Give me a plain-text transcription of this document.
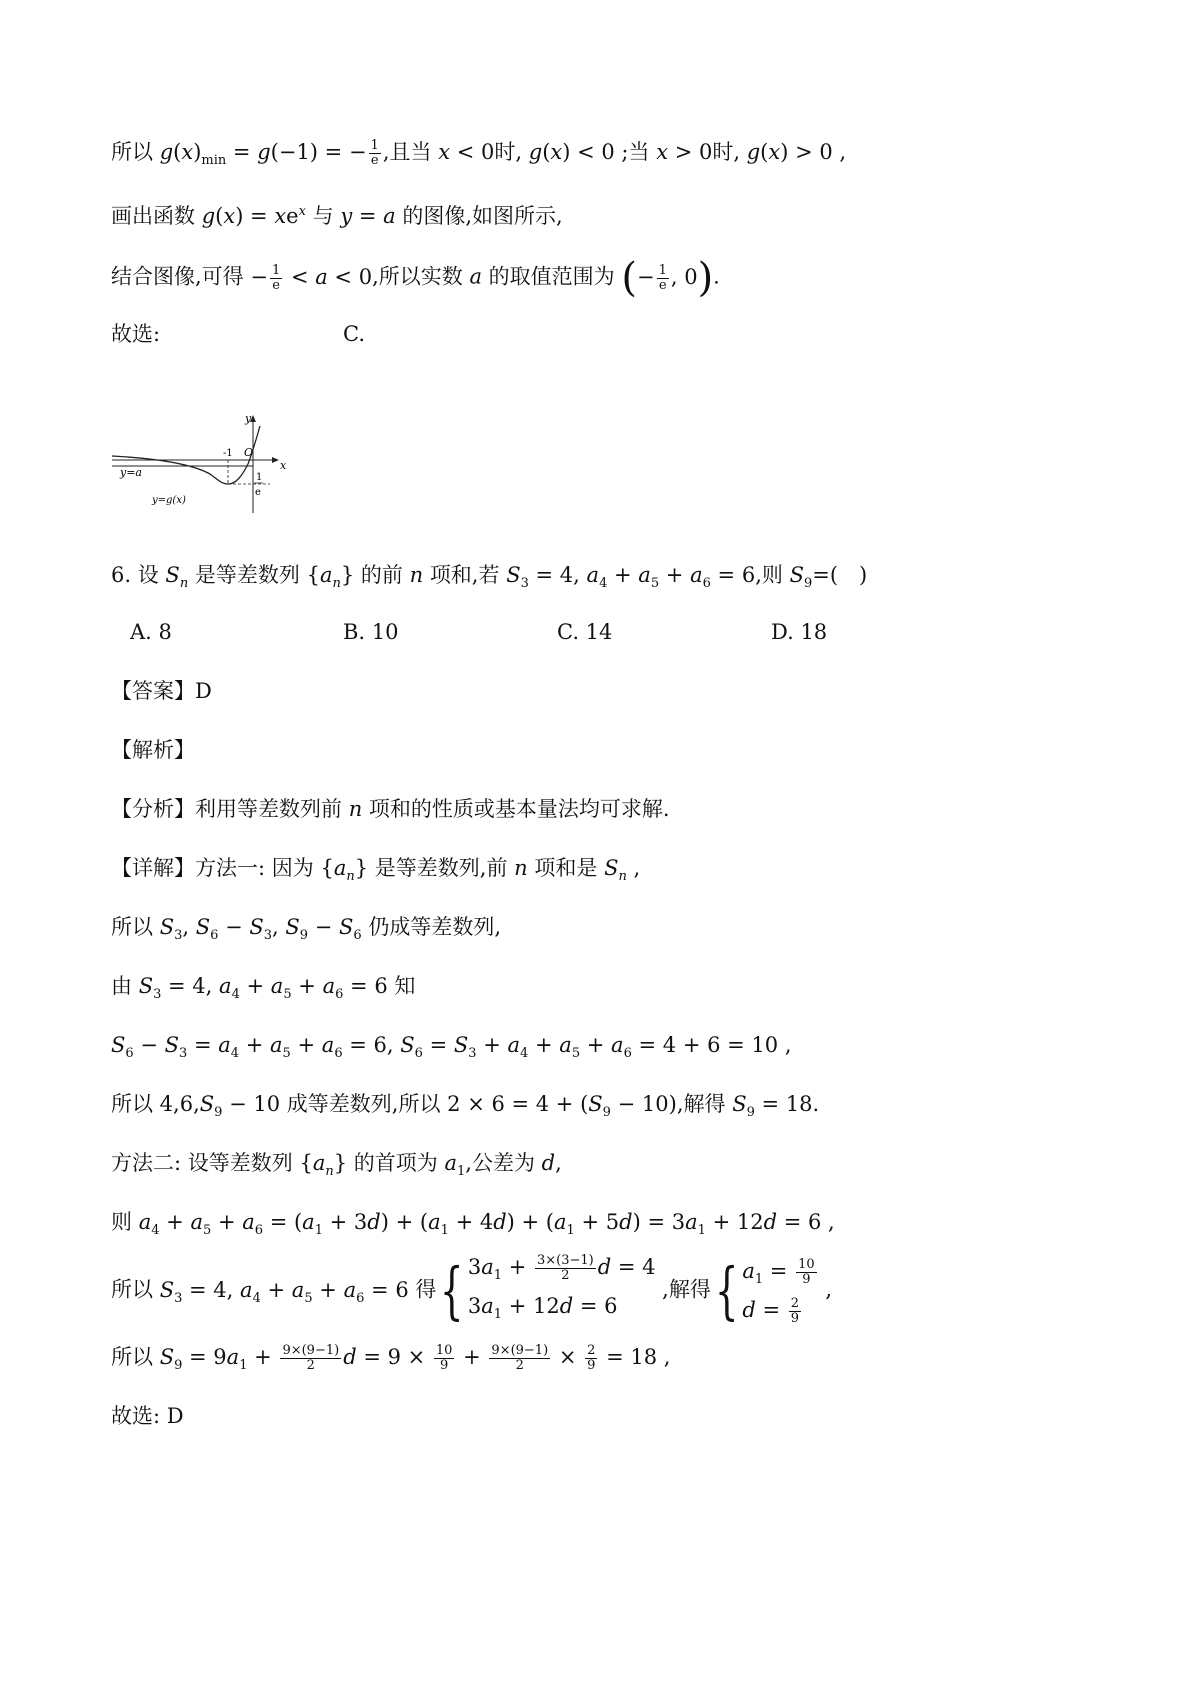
所以 $g(x)_{min} = g(-1)$ = − $\frac{1}{e}$ ,且当 x < 0时, g(x) < 0 ;当 x > 0时, g(x) > 0 ,
画出函数 $g(x) = xe^x$ 与 y = a 的图像,如图所示,
结合图像,可得 − $\frac{1}{e} < a < 0$,所以实数 a 的取值范围为 (− $\frac{1}{e}$ , 0).
故选:	C.
y
x
O
-1
y=a
y=g(x)
1
e
6. 设 $S_n$ 是等差数列 $\{a_n\}$ 的前 n 项和,若 $S_3 = 4$, $a_4 + a_5 + a_6 = 6$,则 $S_9=$(　)
A. 8	B. 10	C. 14	D. 18
【答案】D
【解析】
【分析】利用等差数列前 n 项和的性质或基本量法均可求解.
【详解】方法一: 因为 $\{a_n\}$ 是等差数列,前 n 项和是 $S_n$ ,
所以 $S_3$, $S_6 - S_3$, $S_9 - S_6$ 仍成等差数列,
由 $S_3 = 4$, $a_4 + a_5 + a_6 = 6$ 知
$S_6 - S_3 = a_4 + a_5 + a_6 = 6$, $S_6 = S_3 + a_4 + a_5 + a_6 = 4 + 6 = 10$ ,
所以 $4,6,S_9 - 10$ 成等差数列,所以 $2 \times 6 = 4 + (S_9 - 10)$,解得 $S_9 = 18$.
方法二: 设等差数列 $\{a_n\}$ 的首项为 $a_1$,公差为 d,
则 $a_4 + a_5 + a_6 = (a_1 + 3d) + (a_1 + 4d) + (a_1 + 5d) = 3a_1 + 12d = 6$ ,
所以 $S_3 = 4$, $a_4 + a_5 + a_6 = 6$ 得{ $3a_1 + \frac{3\times(3-1)}{2}$ d = 4
$3a_1 + 12d = 6$
,解得{ $a_1 = \frac{10}{9}$
$d = \frac{2}{9}$
,
所以 $S_9 = 9a_1 + \frac{9\times(9-1)}{2}$ $d = 9 \times \frac{10}{9} + \frac{9\times(9-1)}{2} \times \frac{2}{9} = 18$ ,
故选: D
